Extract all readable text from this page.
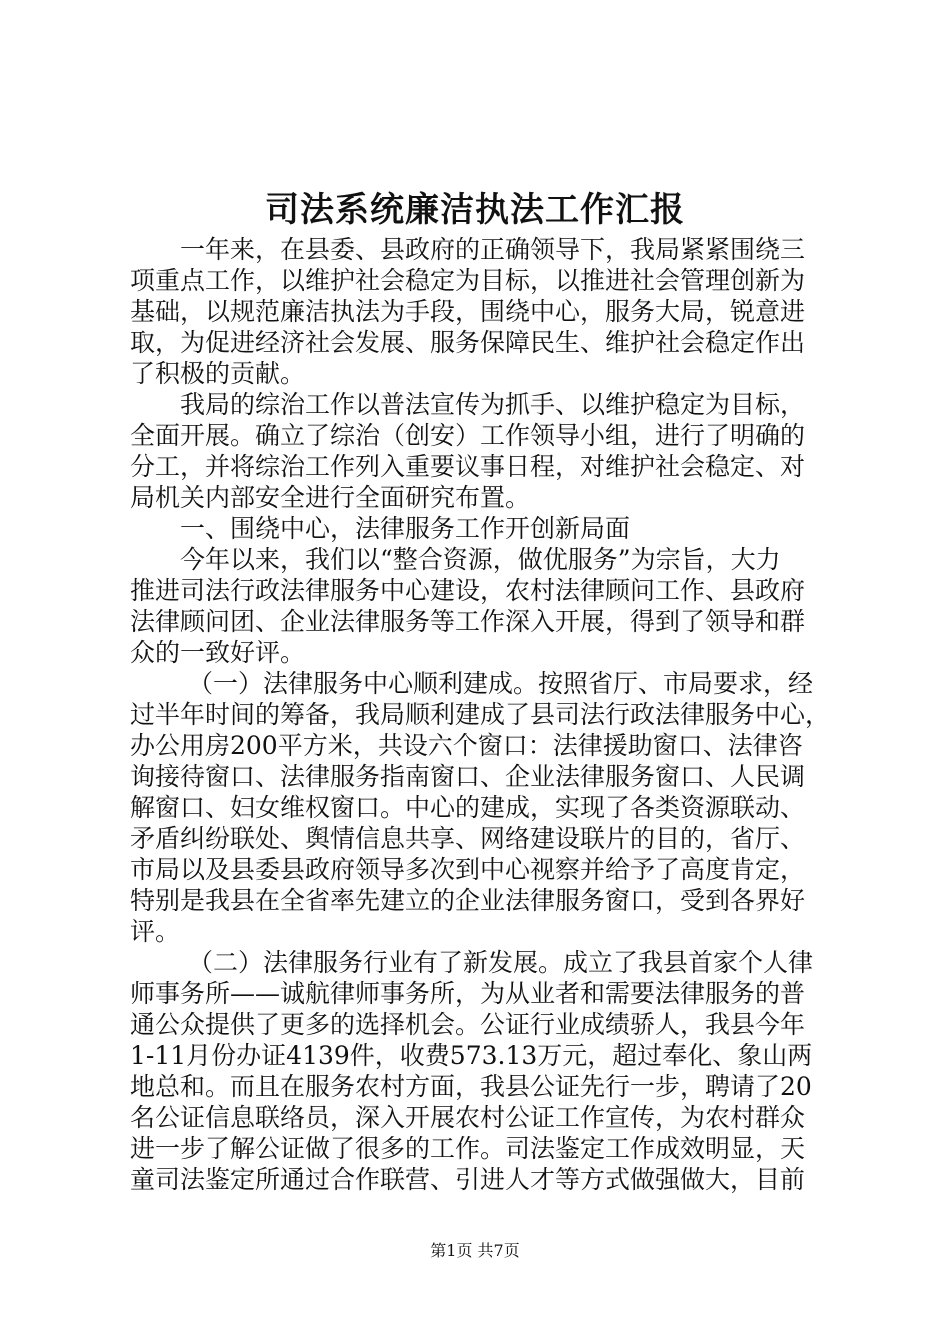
司法系统廉洁执法工作汇报
一年来，在县委、县政府的正确领导下，我局紧紧围绕三
项重点工作，以维护社会稳定为目标，以推进社会管理创新为
基础，以规范廉洁执法为手段，围绕中心，服务大局，锐意进
取，为促进经济社会发展、服务保障民生、维护社会稳定作出
了积极的贡献。
我局的综治工作以普法宣传为抓手、以维护稳定为目标，
全面开展。确立了综治（创安）工作领导小组，进行了明确的
分工，并将综治工作列入重要议事日程，对维护社会稳定、对
局机关内部安全进行全面研究布置。
一、围绕中心，法律服务工作开创新局面
今年以来，我们以“整合资源，做优服务”为宗旨，大力
推进司法行政法律服务中心建设，农村法律顾问工作、县政府
法律顾问团、企业法律服务等工作深入开展，得到了领导和群
众的一致好评。
（一）法律服务中心顺利建成。按照省厅、市局要求，经
过半年时间的筹备，我局顺利建成了县司法行政法律服务中心，
办公用房200平方米，共设六个窗口：法律援助窗口、法律咨
询接待窗口、法律服务指南窗口、企业法律服务窗口、人民调
解窗口、妇女维权窗口。中心的建成，实现了各类资源联动、
矛盾纠纷联处、舆情信息共享、网络建设联片的目的，省厅、
市局以及县委县政府领导多次到中心视察并给予了高度肯定，
特别是我县在全省率先建立的企业法律服务窗口，受到各界好
评。
（二）法律服务行业有了新发展。成立了我县首家个人律
师事务所——诚航律师事务所，为从业者和需要法律服务的普
通公众提供了更多的选择机会。公证行业成绩骄人，我县今年
1-11月份办证4139件，收费573.13万元，超过奉化、象山两
地总和。而且在服务农村方面，我县公证先行一步，聘请了20
名公证信息联络员，深入开展农村公证工作宣传，为农村群众
进一步了解公证做了很多的工作。司法鉴定工作成效明显，天
童司法鉴定所通过合作联营、引进人才等方式做强做大，目前
第1页 共7页
